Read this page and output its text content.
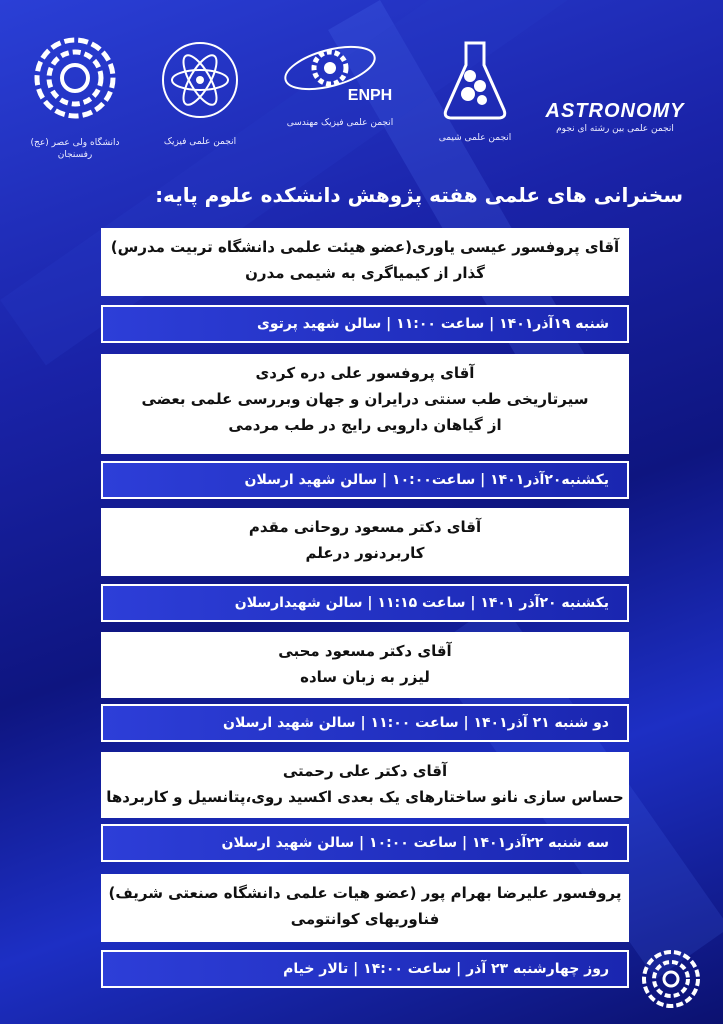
ASTRONOMY
انجمن علمی بین رشته ای نجوم
انجمن علمی شیمی
ENPH
انجمن علمی فیزیک مهندسی
انجمن علمی فیزیک
دانشگاه ولی عصر (عج) رفسنجان
سخنرانی های علمی هفته پژوهش دانشکده علوم پایه:
آقای پروفسور عیسی یاوری(عضو هیئت علمی دانشگاه تربیت مدرس)
گذار از کیمیاگری به شیمی مدرن
شنبه ۱۹آذر۱۴۰۱ | ساعت ۱۱:۰۰ | سالن شهید پرتوی
آقای پروفسور علی دره کردی
سیرتاریخی طب سنتی درایران و جهان وبررسی علمی بعضی از گیاهان دارویی رایج در طب مردمی
یکشنبه۲۰آذر۱۴۰۱ | ساعت۱۰:۰۰ | سالن شهید ارسلان
آقای دکتر مسعود روحانی مقدم
کاربردنور درعلم
یکشنبه ۲۰آذر ۱۴۰۱ | ساعت ۱۱:۱۵ | سالن شهیدارسلان
آقای دکتر مسعود محبی
لیزر به زبان ساده
دو شنبه ۲۱ آذر۱۴۰۱ | ساعت ۱۱:۰۰ | سالن شهید ارسلان
آقای دکتر علی رحمتی
حساس سازی نانو ساختارهای یک بعدی اکسید روی،پتانسیل و کاربردها
سه شنبه ۲۲آذر۱۴۰۱ | ساعت ۱۰:۰۰ | سالن شهید ارسلان
پروفسور علیرضا بهرام پور (عضو هیات علمی دانشگاه صنعتی شریف)
فناوریهای کوانتومی
روز چهارشنبه ۲۳ آذر | ساعت ۱۴:۰۰ | تالار خیام
